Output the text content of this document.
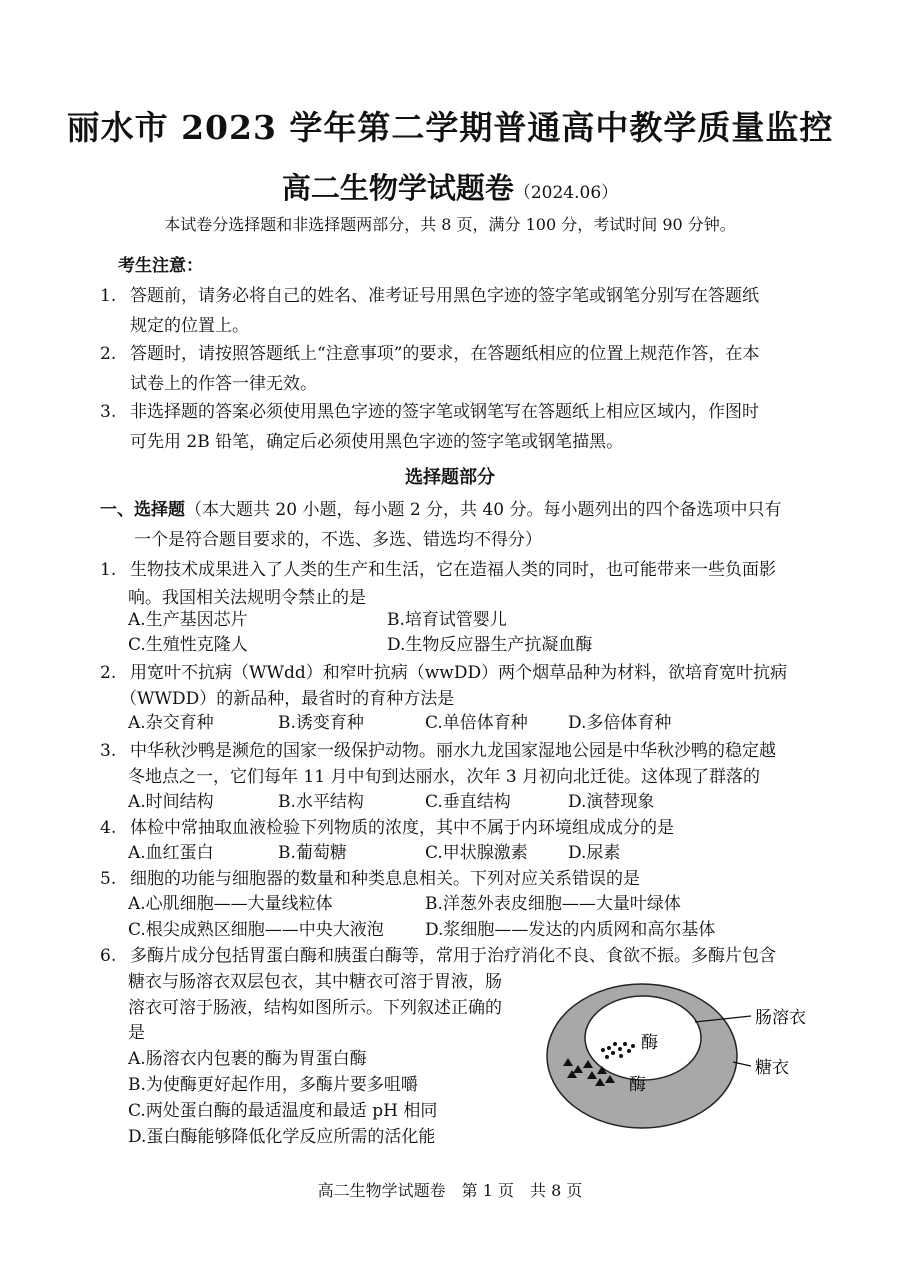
丽水市 2023 学年第二学期普通高中教学质量监控
高二生物学试题卷（2024.06）
本试卷分选择题和非选择题两部分，共 8 页，满分 100 分，考试时间 90 分钟。
考生注意：
1. 答题前，请务必将自己的姓名、准考证号用黑色字迹的签字笔或钢笔分别写在答题纸
规定的位置上。
2. 答题时，请按照答题纸上“注意事项”的要求，在答题纸相应的位置上规范作答，在本
试卷上的作答一律无效。
3. 非选择题的答案必须使用黑色字迹的签字笔或钢笔写在答题纸上相应区域内，作图时
可先用 2B 铅笔，确定后必须使用黑色字迹的签字笔或钢笔描黑。
选择题部分
一、选择题（本大题共 20 小题，每小题 2 分，共 40 分。每小题列出的四个备选项中只有
一个是符合题目要求的，不选、多选、错选均不得分）
1. 生物技术成果进入了人类的生产和生活，它在造福人类的同时，也可能带来一些负面影
响。我国相关法规明令禁止的是
A.生产基因芯片	B.培育试管婴儿
C.生殖性克隆人	D.生物反应器生产抗凝血酶
2. 用宽叶不抗病（WWdd）和窄叶抗病（wwDD）两个烟草品种为材料，欲培育宽叶抗病
（WWDD）的新品种，最省时的育种方法是
A.杂交育种	B.诱变育种	C.单倍体育种 D.多倍体育种
3. 中华秋沙鸭是濒危的国家一级保护动物。丽水九龙国家湿地公园是中华秋沙鸭的稳定越
冬地点之一，它们每年 11 月中旬到达丽水，次年 3 月初向北迁徙。这体现了群落的
A.时间结构	B.水平结构	C.垂直结构	D.演替现象
4. 体检中常抽取血液检验下列物质的浓度，其中不属于内环境组成成分的是
A.血红蛋白	B.葡萄糖	C.甲状腺激素 D.尿素
5. 细胞的功能与细胞器的数量和种类息息相关。下列对应关系错误的是
A.心肌细胞——大量线粒体	B.洋葱外表皮细胞——大量叶绿体
C.根尖成熟区细胞——中央大液泡 D.浆细胞——发达的内质网和高尔基体
6. 多酶片成分包括胃蛋白酶和胰蛋白酶等，常用于治疗消化不良、食欲不振。多酶片包含
糖衣与肠溶衣双层包衣，其中糖衣可溶于胃液，肠
溶衣可溶于肠液，结构如图所示。下列叙述正确的
是
A.肠溶衣内包裹的酶为胃蛋白酶
B.为使酶更好起作用，多酶片要多咀嚼
C.两处蛋白酶的最适温度和最适 pH 相同
D.蛋白酶能够降低化学反应所需的活化能
酶
酶
肠溶衣
糖衣
高二生物学试题卷　第 1 页　共 8 页
